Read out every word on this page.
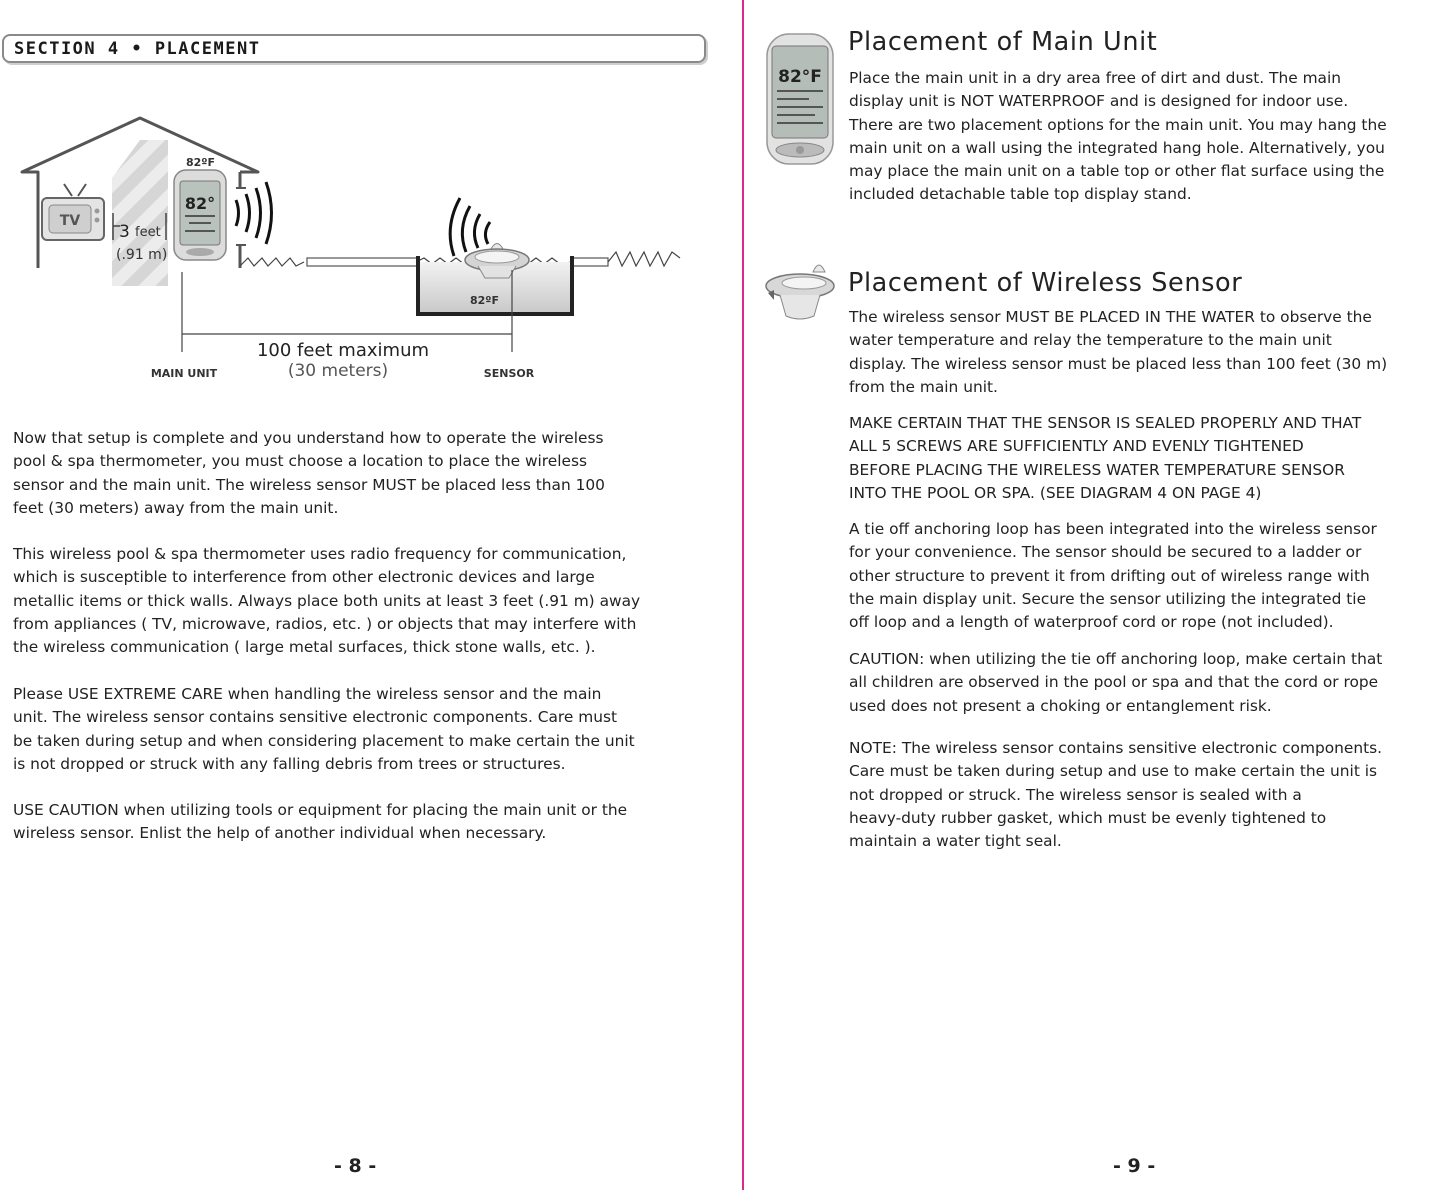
SECTION 4 • PLACEMENT
TV
3 feet
(.91 m)
82ºF
82°
82ºF
100 feet maximum
(30 meters)
MAIN UNIT	SENSOR
Now that setup is complete and you understand how to operate the wireless
pool & spa thermometer, you must choose a location to place the wireless
sensor and the main unit. The wireless sensor MUST be placed less than 100
feet (30 meters) away from the main unit.
This wireless pool & spa thermometer uses radio frequency for communication,
which is susceptible to interference from other electronic devices and large
metallic items or thick walls. Always place both units at least 3 feet (.91 m) away
from appliances ( TV, microwave, radios, etc. ) or objects that may interfere with
the wireless communication ( large metal surfaces, thick stone walls, etc. ).
Please USE EXTREME CARE when handling the wireless sensor and the main
unit. The wireless sensor contains sensitive electronic components. Care must
be taken during setup and when considering placement to make certain the unit
is not dropped or struck with any falling debris from trees or structures.
USE CAUTION when utilizing tools or equipment for placing the main unit or the
wireless sensor. Enlist the help of another individual when necessary.
- 8 -
82°F
Placement of Main Unit
Place the main unit in a dry area free of dirt and dust. The main
display unit is NOT WATERPROOF and is designed for indoor use.
There are two placement options for the main unit. You may hang the
main unit on a wall using the integrated hang hole. Alternatively, you
may place the main unit on a table top or other flat surface using the
included detachable table top display stand.
Placement of Wireless Sensor
The wireless sensor MUST BE PLACED IN THE WATER to observe the
water temperature and relay the temperature to the main unit
display. The wireless sensor must be placed less than 100 feet (30 m)
from the main unit.
MAKE CERTAIN THAT THE SENSOR IS SEALED PROPERLY AND THAT
ALL 5 SCREWS ARE SUFFICIENTLY AND EVENLY TIGHTENED
BEFORE PLACING THE WIRELESS WATER TEMPERATURE SENSOR
INTO THE POOL OR SPA. (SEE DIAGRAM 4 ON PAGE 4)
A tie off anchoring loop has been integrated into the wireless sensor
for your convenience. The sensor should be secured to a ladder or
other structure to prevent it from drifting out of wireless range with
the main display unit. Secure the sensor utilizing the integrated tie
off loop and a length of waterproof cord or rope (not included).
CAUTION: when utilizing the tie off anchoring loop, make certain that
all children are observed in the pool or spa and that the cord or rope
used does not present a choking or entanglement risk.
NOTE: The wireless sensor contains sensitive electronic components.
Care must be taken during setup and use to make certain the unit is
not dropped or struck. The wireless sensor is sealed with a
heavy-duty rubber gasket, which must be evenly tightened to
maintain a water tight seal.
- 9 -
